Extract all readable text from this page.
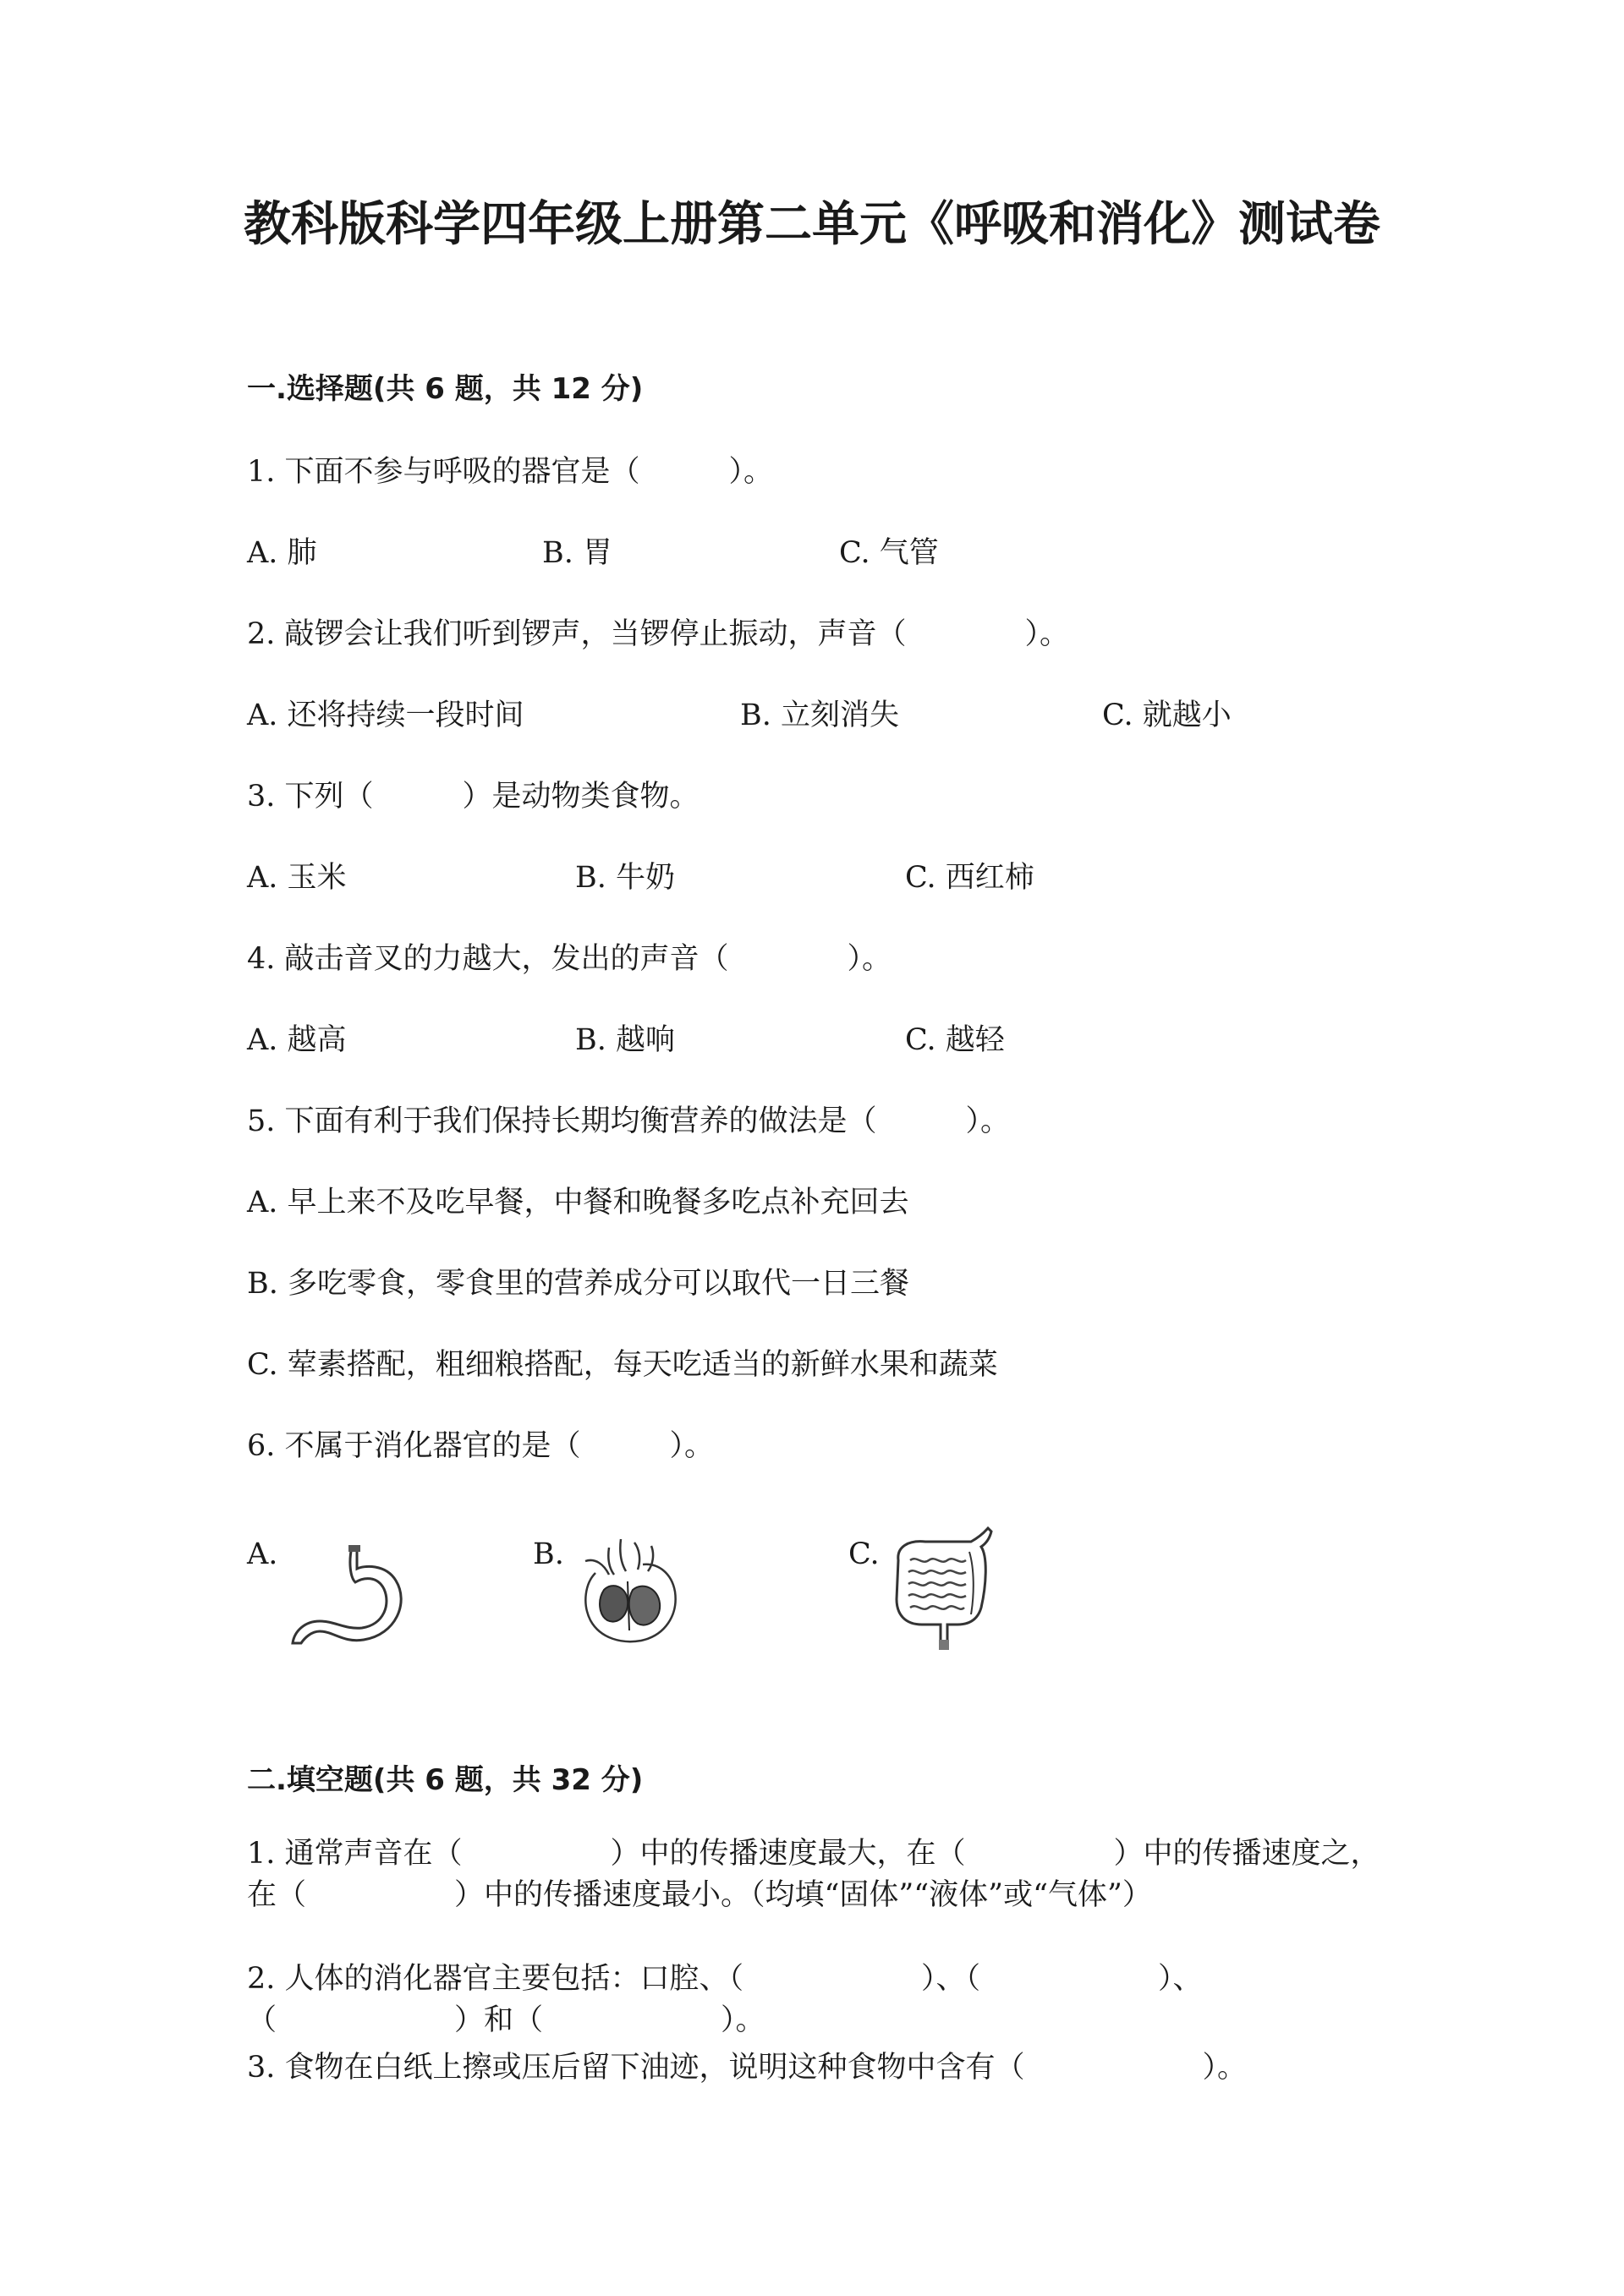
教科版科学四年级上册第二单元《呼吸和消化》测试卷
一.选择题(共 6 题，共 12 分)
1. 下面不参与呼吸的器官是（　　　）。
A. 肺	B. 胃	C. 气管
2. 敲锣会让我们听到锣声，当锣停止振动，声音（　　　　）。
A. 还将持续一段时间	B. 立刻消失	C. 就越小
3. 下列（　　　）是动物类食物。
A. 玉米	B. 牛奶	C. 西红柿
4. 敲击音叉的力越大，发出的声音（　　　　）。
A. 越高	B. 越响	C. 越轻
5. 下面有利于我们保持长期均衡营养的做法是（　　　）。
A. 早上来不及吃早餐，中餐和晚餐多吃点补充回去
B. 多吃零食，零食里的营养成分可以取代一日三餐
C. 荤素搭配，粗细粮搭配，每天吃适当的新鲜水果和蔬菜
6. 不属于消化器官的是（　　　）。
A.	B.	C.
二.填空题(共 6 题，共 32 分)
1. 通常声音在（　　　　　）中的传播速度最大，在（　　　　　）中的传播速度之，在（　　　　　）中的传播速度最小。（均填“固体”“液体”或“气体”）
2. 人体的消化器官主要包括：口腔、（　　　　　　）、（　　　　　　）、（　　　　　　）和（　　　　　　）。
3. 食物在白纸上擦或压后留下油迹，说明这种食物中含有（　　　　　　）。
